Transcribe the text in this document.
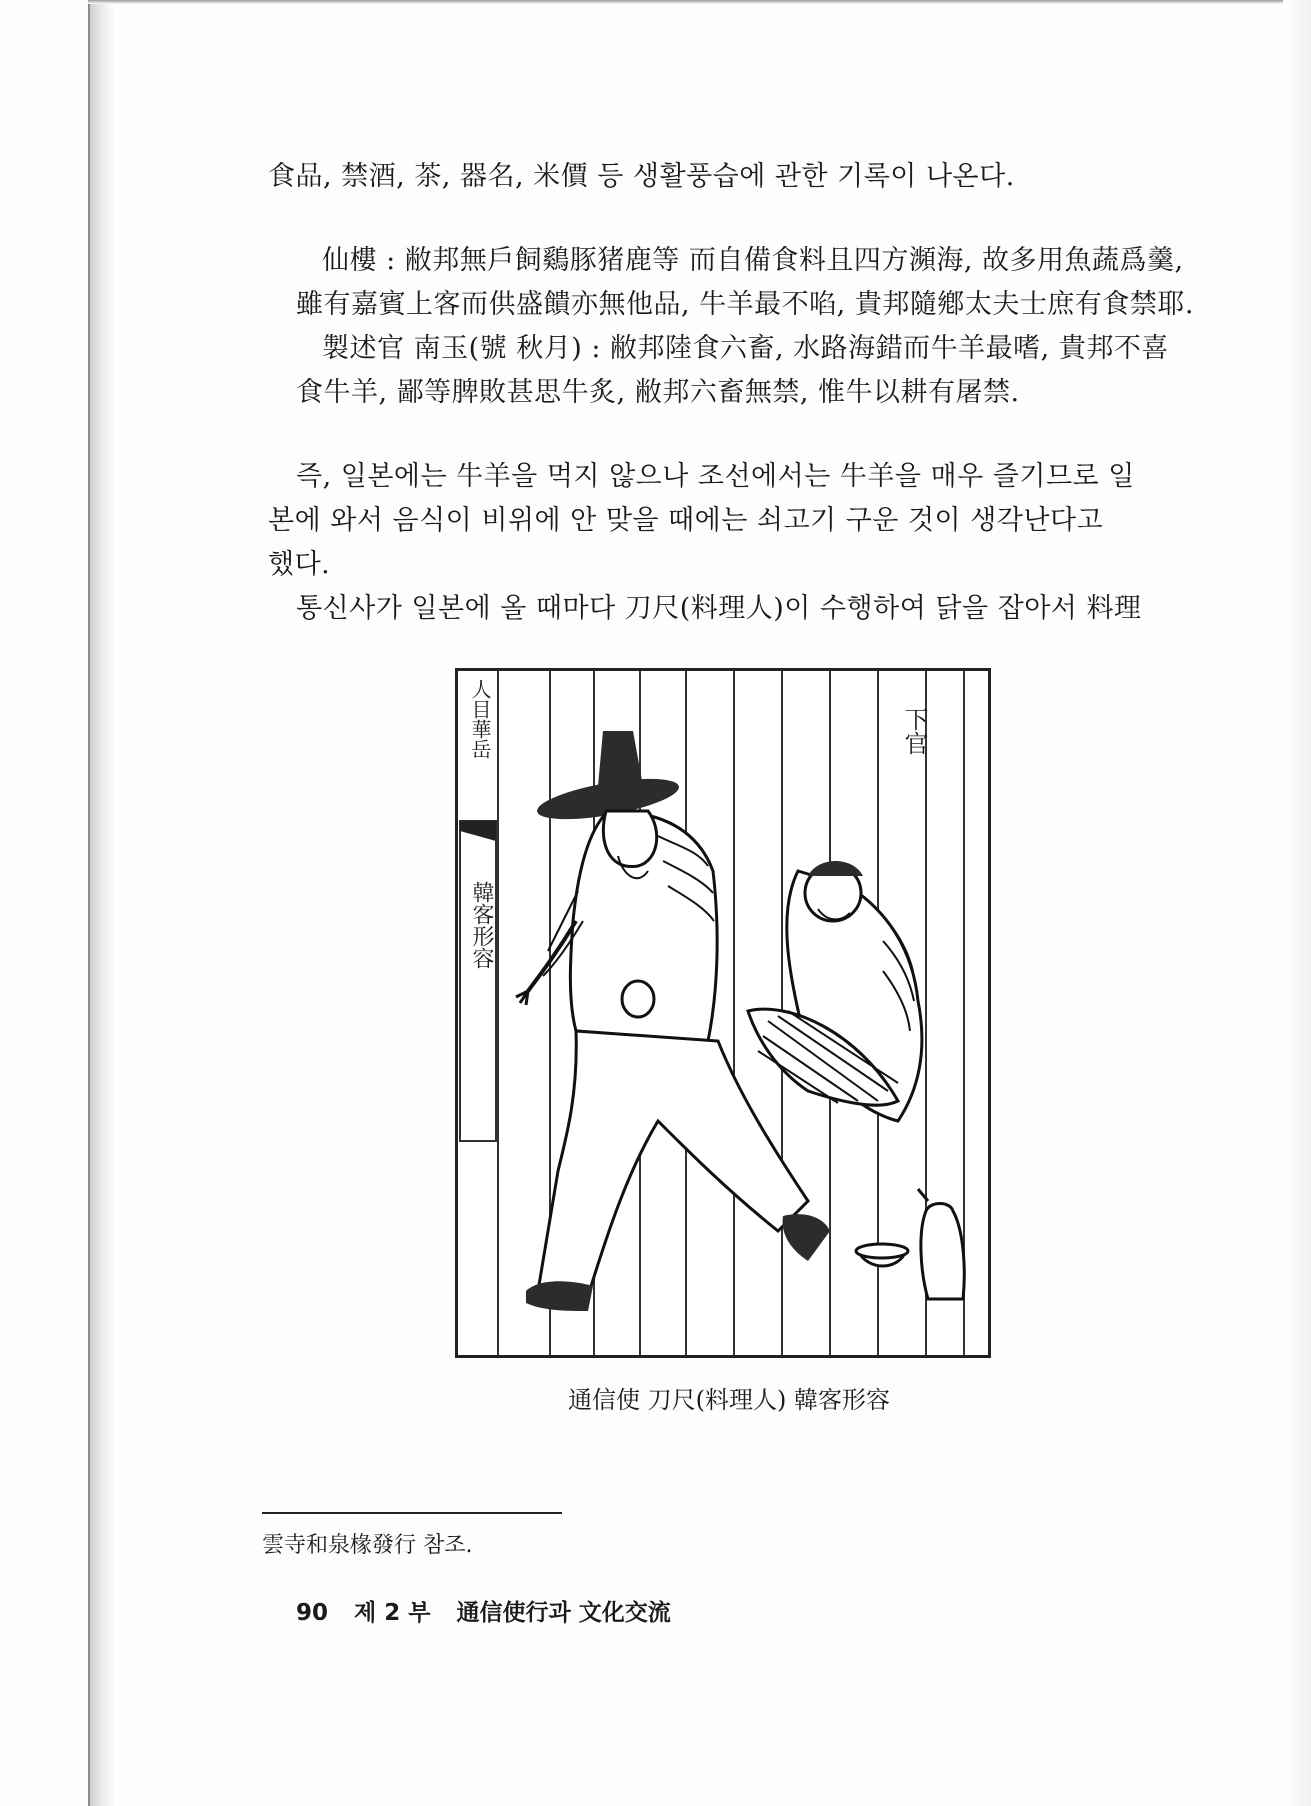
食品, 禁酒, 茶, 器名, 米價 등 생활풍습에 관한 기록이 나온다.
仙樓 : 敝邦無戶飼鷄豚猪鹿等 而自備食料且四方瀕海, 故多用魚蔬爲羹,
雖有嘉賓上客而供盛饋亦無他品, 牛羊最不啗, 貴邦隨鄕太夫士庶有食禁耶.
製述官 南玉(號 秋月) : 敝邦陸食六畜, 水路海錯而牛羊最嗜, 貴邦不喜
食牛羊, 鄙等脾敗甚思牛炙, 敝邦六畜無禁, 惟牛以耕有屠禁.
즉, 일본에는 牛羊을 먹지 않으나 조선에서는 牛羊을 매우 즐기므로 일
본에 와서 음식이 비위에 안 맞을 때에는 쇠고기 구운 것이 생각난다고
했다.
통신사가 일본에 올 때마다 刀尺(料理人)이 수행하여 닭을 잡아서 料理
下官
人目華岳
韓客形容
通信使 刀尺(料理人) 韓客形容
雲寺和泉椽發行 참조.
90 제 2 부 通信使行과 文化交流
